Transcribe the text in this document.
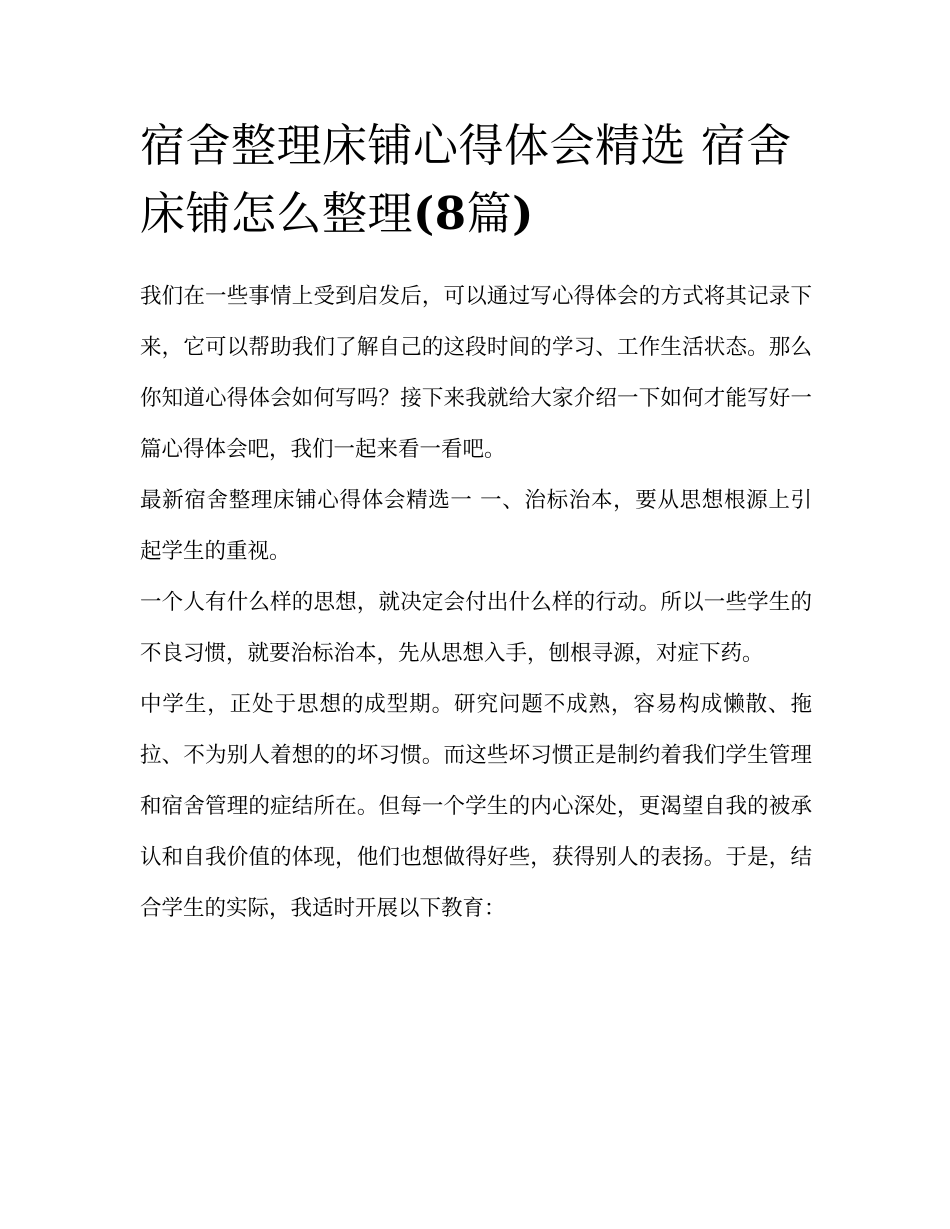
宿舍整理床铺心得体会精选 宿舍床铺怎么整理(8篇)

我们在一些事情上受到启发后，可以通过写心得体会的方式将其记录下来，它可以帮助我们了解自己的这段时间的学习、工作生活状态。那么你知道心得体会如何写吗？接下来我就给大家介绍一下如何才能写好一篇心得体会吧，我们一起来看一看吧。

最新宿舍整理床铺心得体会精选一 一、治标治本，要从思想根源上引起学生的重视。

一个人有什么样的思想，就决定会付出什么样的行动。所以一些学生的不良习惯，就要治标治本，先从思想入手，刨根寻源，对症下药。

中学生，正处于思想的成型期。研究问题不成熟，容易构成懒散、拖拉、不为别人着想的的坏习惯。而这些坏习惯正是制约着我们学生管理和宿舍管理的症结所在。但每一个学生的内心深处，更渴望自我的被承认和自我价值的体现，他们也想做得好些，获得别人的表扬。于是，结合学生的实际，我适时开展以下教育：
